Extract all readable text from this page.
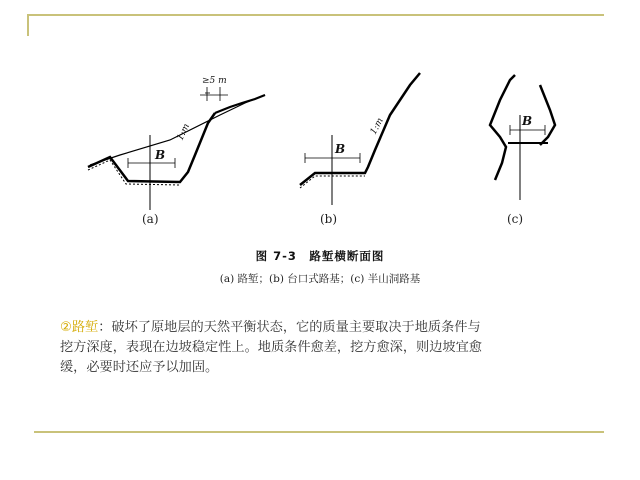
B
1:m
≥5 m
B
1:m	B
(a)	(b)	(c)
图 7-3　路堑横断面图
(a) 路堑；(b) 台口式路基；(c) 半山洞路基
②路堑：破坏了原地层的天然平衡状态，它的质量主要取决于地质条件与
挖方深度，表现在边坡稳定性上。地质条件愈差，挖方愈深，则边坡宜愈
缓，必要时还应予以加固。
